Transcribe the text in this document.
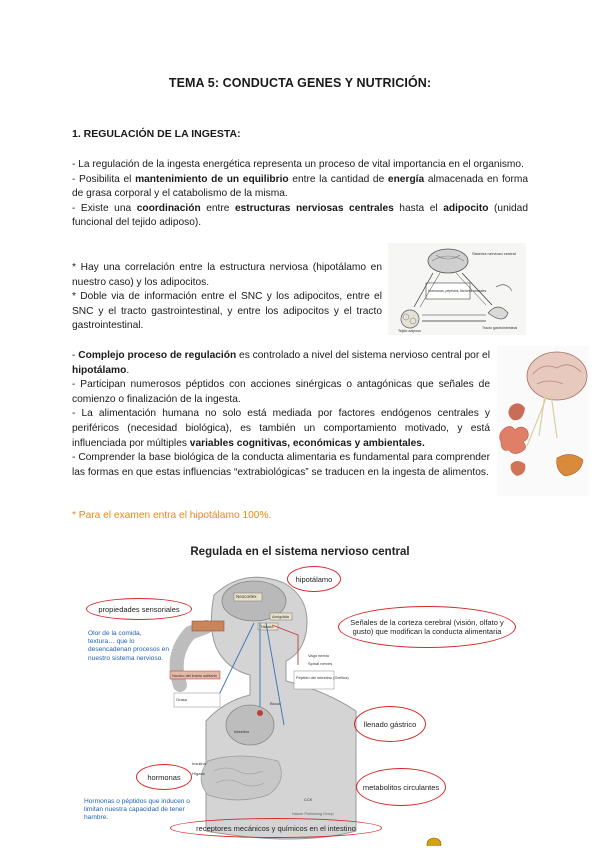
TEMA 5: CONDUCTA GENES Y NUTRICIÓN:
1. REGULACIÓN DE LA INGESTA:
- La regulación de la ingesta energética representa un proceso de vital importancia en el organismo.
- Posibilita el mantenimiento de un equilibrio entre la cantidad de energía almacenada en forma de grasa corporal y el catabolismo de la misma.
- Existe una coordinación entre estructuras nerviosas centrales hasta el adipocito (unidad funcional del tejido adiposo).
* Hay una correlación entre la estructura nerviosa (hipotálamo en nuestro caso) y los adipocitos.
* Doble via de información entre el SNC y los adipocitos, entre el SNC y el tracto gastrointestinal, y entre los adipocitos y el tracto gastrointestinal.
Sistema nervioso central
Hormonas, péptidos, factores neurales
Tejido adiposo
Tracto gastrointestinal
- Complejo proceso de regulación es controlado a nivel del sistema nervioso central por el hipotálamo.
- Participan numerosos péptidos con acciones sinérgicas o antagónicas que señales de comienzo o finalización de la ingesta.
- La alimentación humana no solo está mediada por factores endógenos centrales y periféricos (necesidad biológica), es también un comportamiento motivado, y está influenciada por múltiples variables cognitivas, económicas y ambientales.
- Comprender la base biológica de la conducta alimentaria es fundamental para comprender las formas en que estas influencias “extrabiológicas” se traducen en la ingesta de alimentos.
* Para el examen entra el hipotálamo 100%.
Regulada en el sistema nervioso central
Neocortex
Amígdala
Tálamo
Núcleo del tracto solitario
Vago nervio
Spinal nerves
Péptido del intestino (Grelina)
Grasa
Blood
Intestino
Insulina
Hígado
CCK
Nature Publishing Group
hipotálamo
propiedades sensoriales
Señales de la corteza cerebral (visión, olfato y gusto) que modifican la conducta alimentaria
llenado gástrico
hormonas
metabolitos circulantes
receptores mecánicos y químicos en el intestino
Olor de la comida, textura… que lo desencadenan procesos en nuestro sistema nervioso.
Hormonas o péptidos que inducen o limitan nuestra capacidad de tener hambre.
